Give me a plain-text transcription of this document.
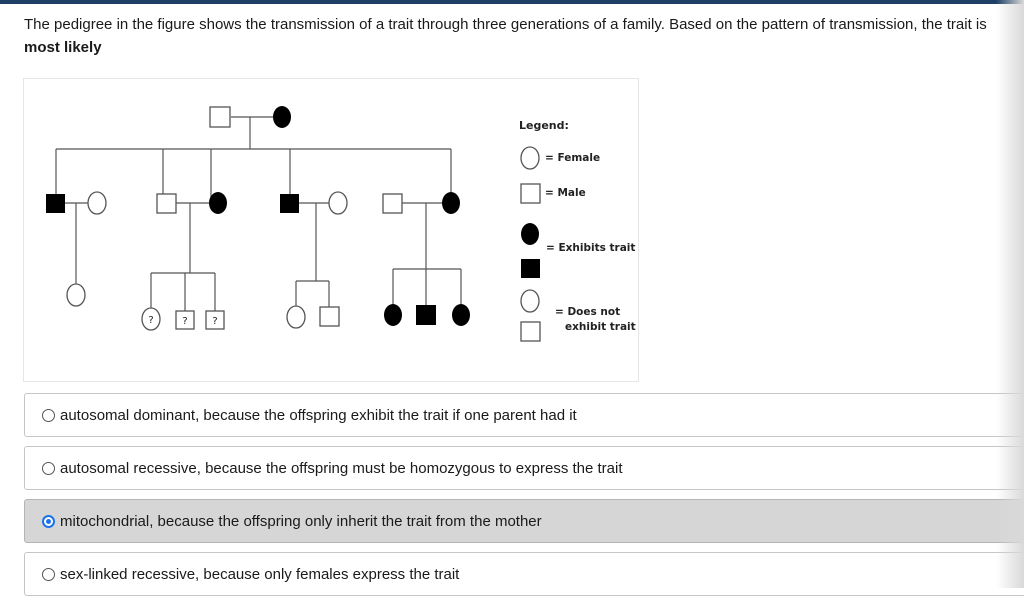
The pedigree in the figure shows the transmission of a trait through three generations of a family. Based on the pattern of transmission, the trait is most likely
?	? ?
Legend:
= Female
= Male
= Exhibits trait
= Does not
exhibit trait
autosomal dominant, because the offspring exhibit the trait if one parent had it
autosomal recessive, because the offspring must be homozygous to express the trait
mitochondrial, because the offspring only inherit the trait from the mother
sex-linked recessive, because only females express the trait
